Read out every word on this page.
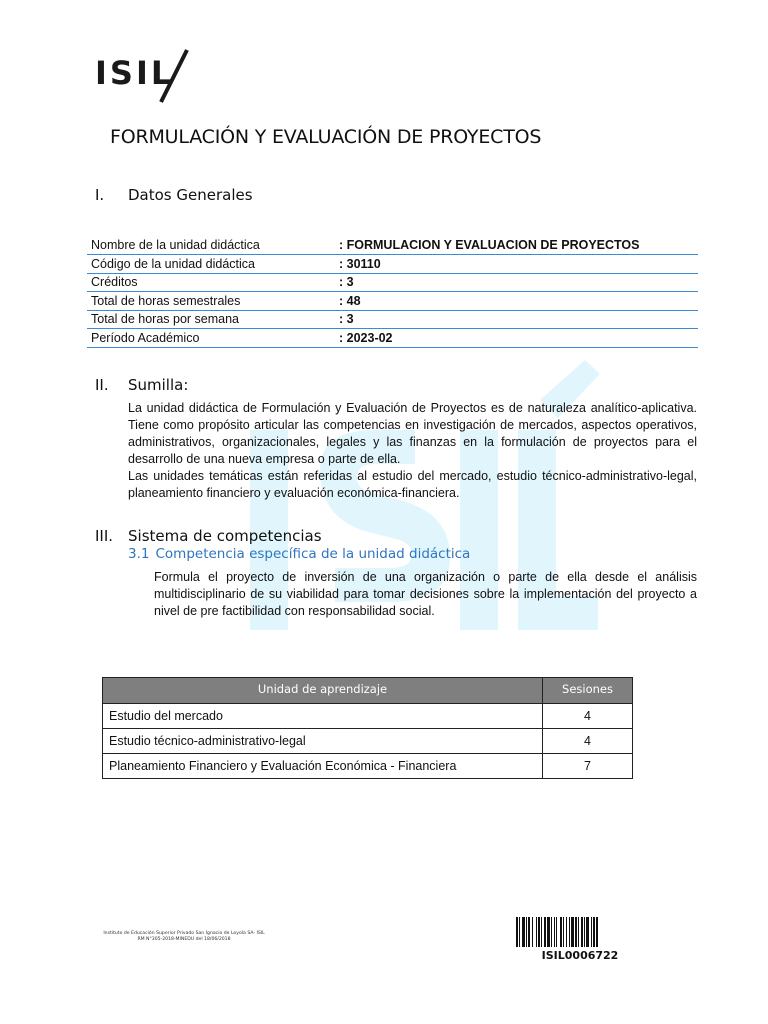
ISIL
FORMULACIÓN Y EVALUACIÓN DE PROYECTOS
I. Datos Generales
Nombre de la unidad didáctica	: FORMULACION Y EVALUACION DE PROYECTOS
Código de la unidad didáctica	: 30110
Créditos	: 3
Total de horas semestrales	: 48
Total de horas por semana	: 3
Período Académico	: 2023-02
II. Sumilla:

La unidad didáctica de Formulación y Evaluación de Proyectos es de naturaleza analítico-aplicativa. Tiene como propósito articular las competencias en investigación de mercados, aspectos operativos, administrativos, organizacionales, legales y las finanzas en la formulación de proyectos para el desarrollo de una nueva empresa o parte de ella.

Las unidades temáticas están referidas al estudio del mercado, estudio técnico-administrativo-legal, planeamiento financiero y evaluación económica-financiera.

III. Sistema de competencias
3.1 Competencia específica de la unidad didáctica

Formula el proyecto de inversión de una organización o parte de ella desde el análisis multidisciplinario de su viabilidad para tomar decisiones sobre la implementación del proyecto a nivel de pre factibilidad con responsabilidad social.

Unidad de aprendizaje	Sesiones
Estudio del mercado	4
Estudio técnico-administrativo-legal	4
Planeamiento Financiero y Evaluación Económica - Financiera	7
Instituto de Educación Superior Privado San Ignacio de Loyola SA- ISIL
RM N°305-2018-MINEDU del 18/06/2018
ISIL0006722
